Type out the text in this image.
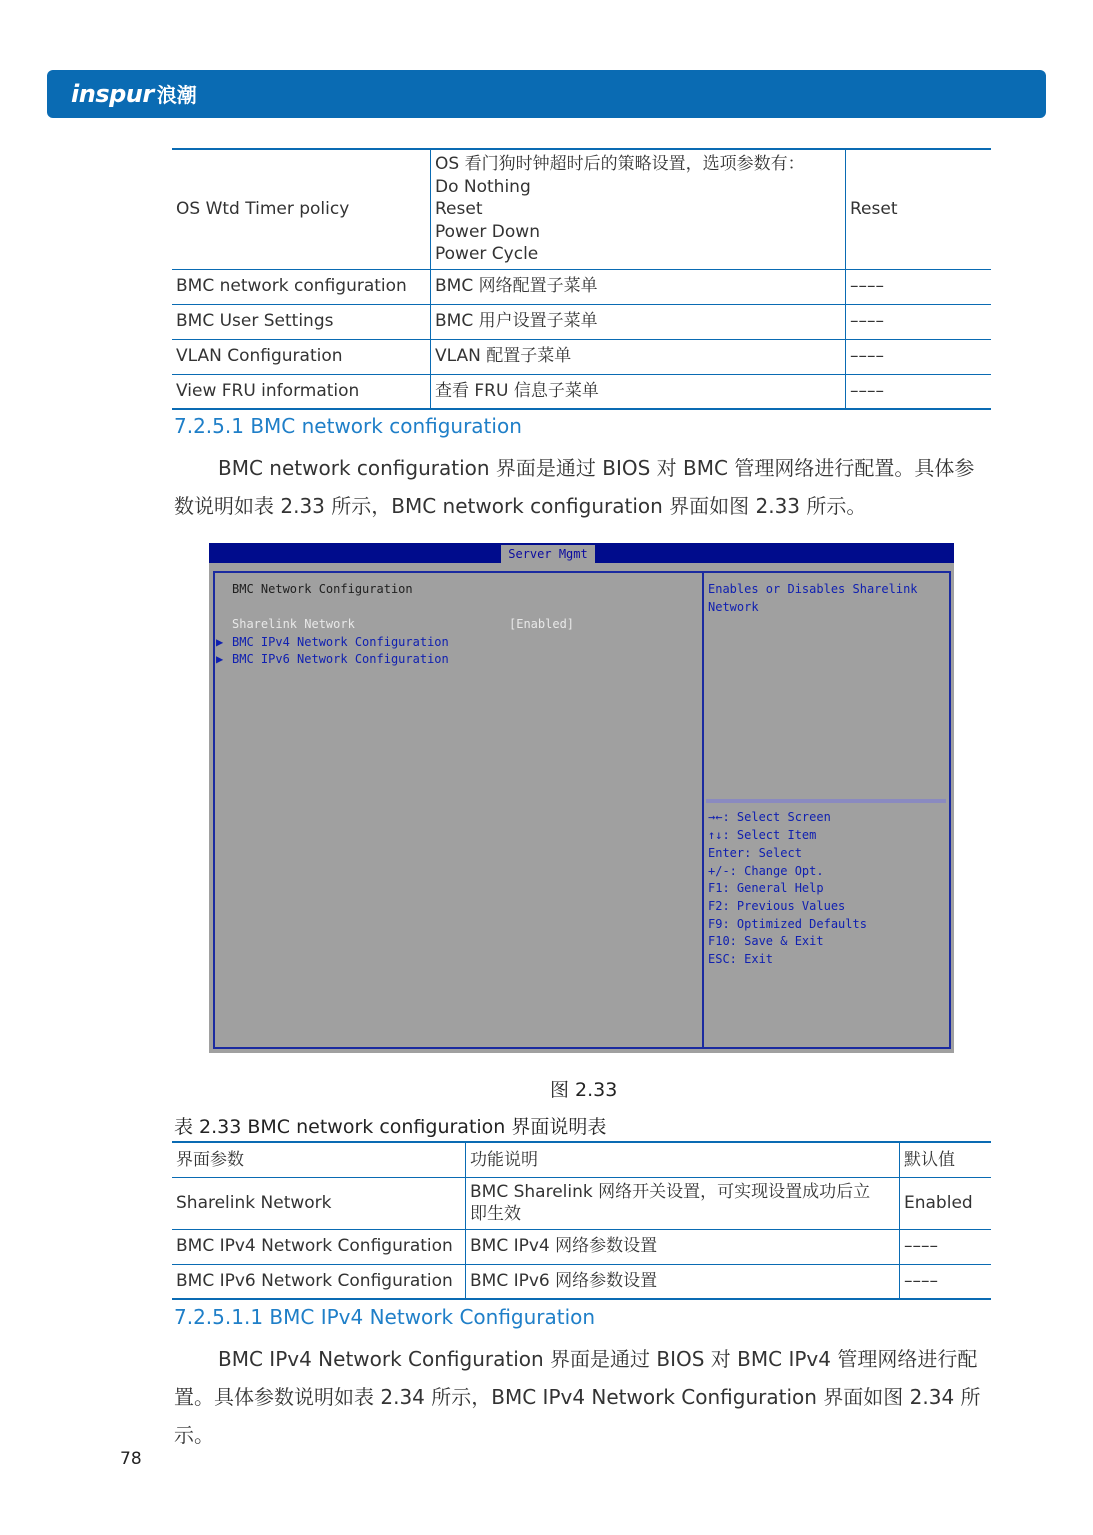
inspur 浪潮
OS Wtd Timer policy	OS 看门狗时钟超时后的策略设置，选项参数有：
Do Nothing
Reset
Power Down
Power Cycle	Reset
BMC network configuration	BMC 网络配置子菜单	––––
BMC User Settings	BMC 用户设置子菜单	––––
VLAN Configuration	VLAN 配置子菜单	––––
View FRU information	查看 FRU 信息子菜单	––––
7.2.5.1 BMC network configuration
BMC network configuration 界面是通过 BIOS 对 BMC 管理网络进行配置。具体参数说明如表 2.33 所示，BMC network configuration 界面如图 2.33 所示。
Server Mgmt
BMC Network Configuration
Sharelink Network	[Enabled]
▶ BMC IPv4 Network Configuration
▶ BMC IPv6 Network Configuration
Enables or Disables Sharelink
Network
→←: Select Screen
↑↓: Select Item
Enter: Select
+/-: Change Opt.
F1: General Help
F2: Previous Values
F9: Optimized Defaults
F10: Save & Exit
ESC: Exit
图 2.33
表 2.33 BMC network configuration 界面说明表
界面参数	功能说明	默认值
Sharelink Network	BMC Sharelink 网络开关设置，可实现设置成功后立
即生效	Enabled
BMC IPv4 Network Configuration	BMC IPv4 网络参数设置	––––
BMC IPv6 Network Configuration	BMC IPv6 网络参数设置	––––
7.2.5.1.1 BMC IPv4 Network Configuration
BMC IPv4 Network Configuration 界面是通过 BIOS 对 BMC IPv4 管理网络进行配置。具体参数说明如表 2.34 所示，BMC IPv4 Network Configuration 界面如图 2.34 所示。
78
